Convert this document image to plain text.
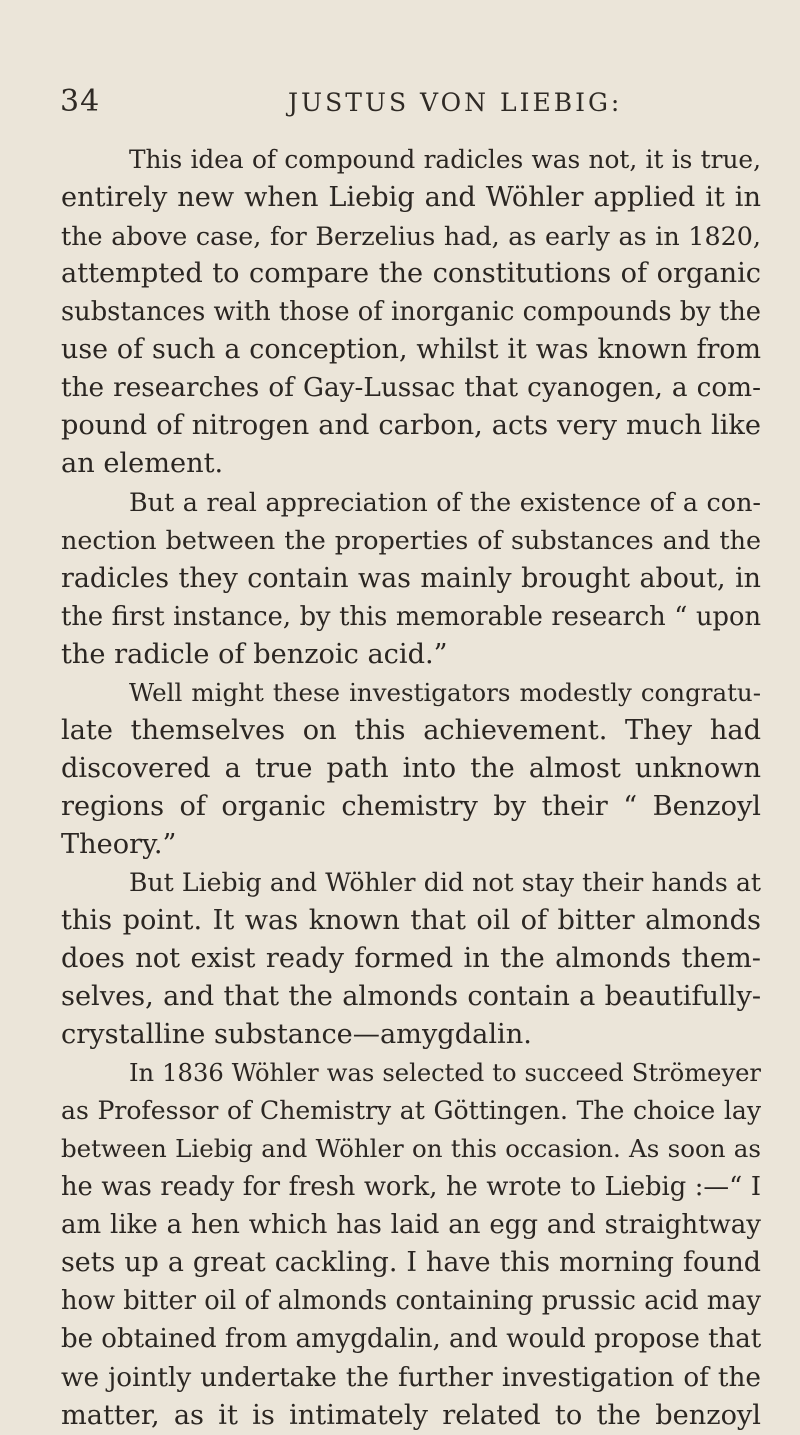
34	JUSTUS VON LIEBIG:
This idea of compound radicles was not, it is true,
entirely new when Liebig and Wöhler applied it in
the above case, for Berzelius had, as early as in 1820,
attempted to compare the constitutions of organic
substances with those of inorganic compounds by the
use of such a conception, whilst it was known from
the researches of Gay-Lussac that cyanogen, a com-
pound of nitrogen and carbon, acts very much like
an element.
But a real appreciation of the existence of a con-
nection between the properties of substances and the
radicles they contain was mainly brought about, in
the first instance, by this memorable research “ upon
the radicle of benzoic acid.”
Well might these investigators modestly congratu-
late themselves on this achievement. They had
discovered a true path into the almost unknown
regions of organic chemistry by their “ Benzoyl
Theory.”
But Liebig and Wöhler did not stay their hands at
this point. It was known that oil of bitter almonds
does not exist ready formed in the almonds them-
selves, and that the almonds contain a beautifully-
crystalline substance—amygdalin.
In 1836 Wöhler was selected to succeed Strömeyer
as Professor of Chemistry at Göttingen. The choice lay
between Liebig and Wöhler on this occasion. As soon as
he was ready for fresh work, he wrote to Liebig :—“ I
am like a hen which has laid an egg and straightway
sets up a great cackling. I have this morning found
how bitter oil of almonds containing prussic acid may
be obtained from amygdalin, and would propose that
we jointly undertake the further investigation of the
matter, as it is intimately related to the benzoyl
